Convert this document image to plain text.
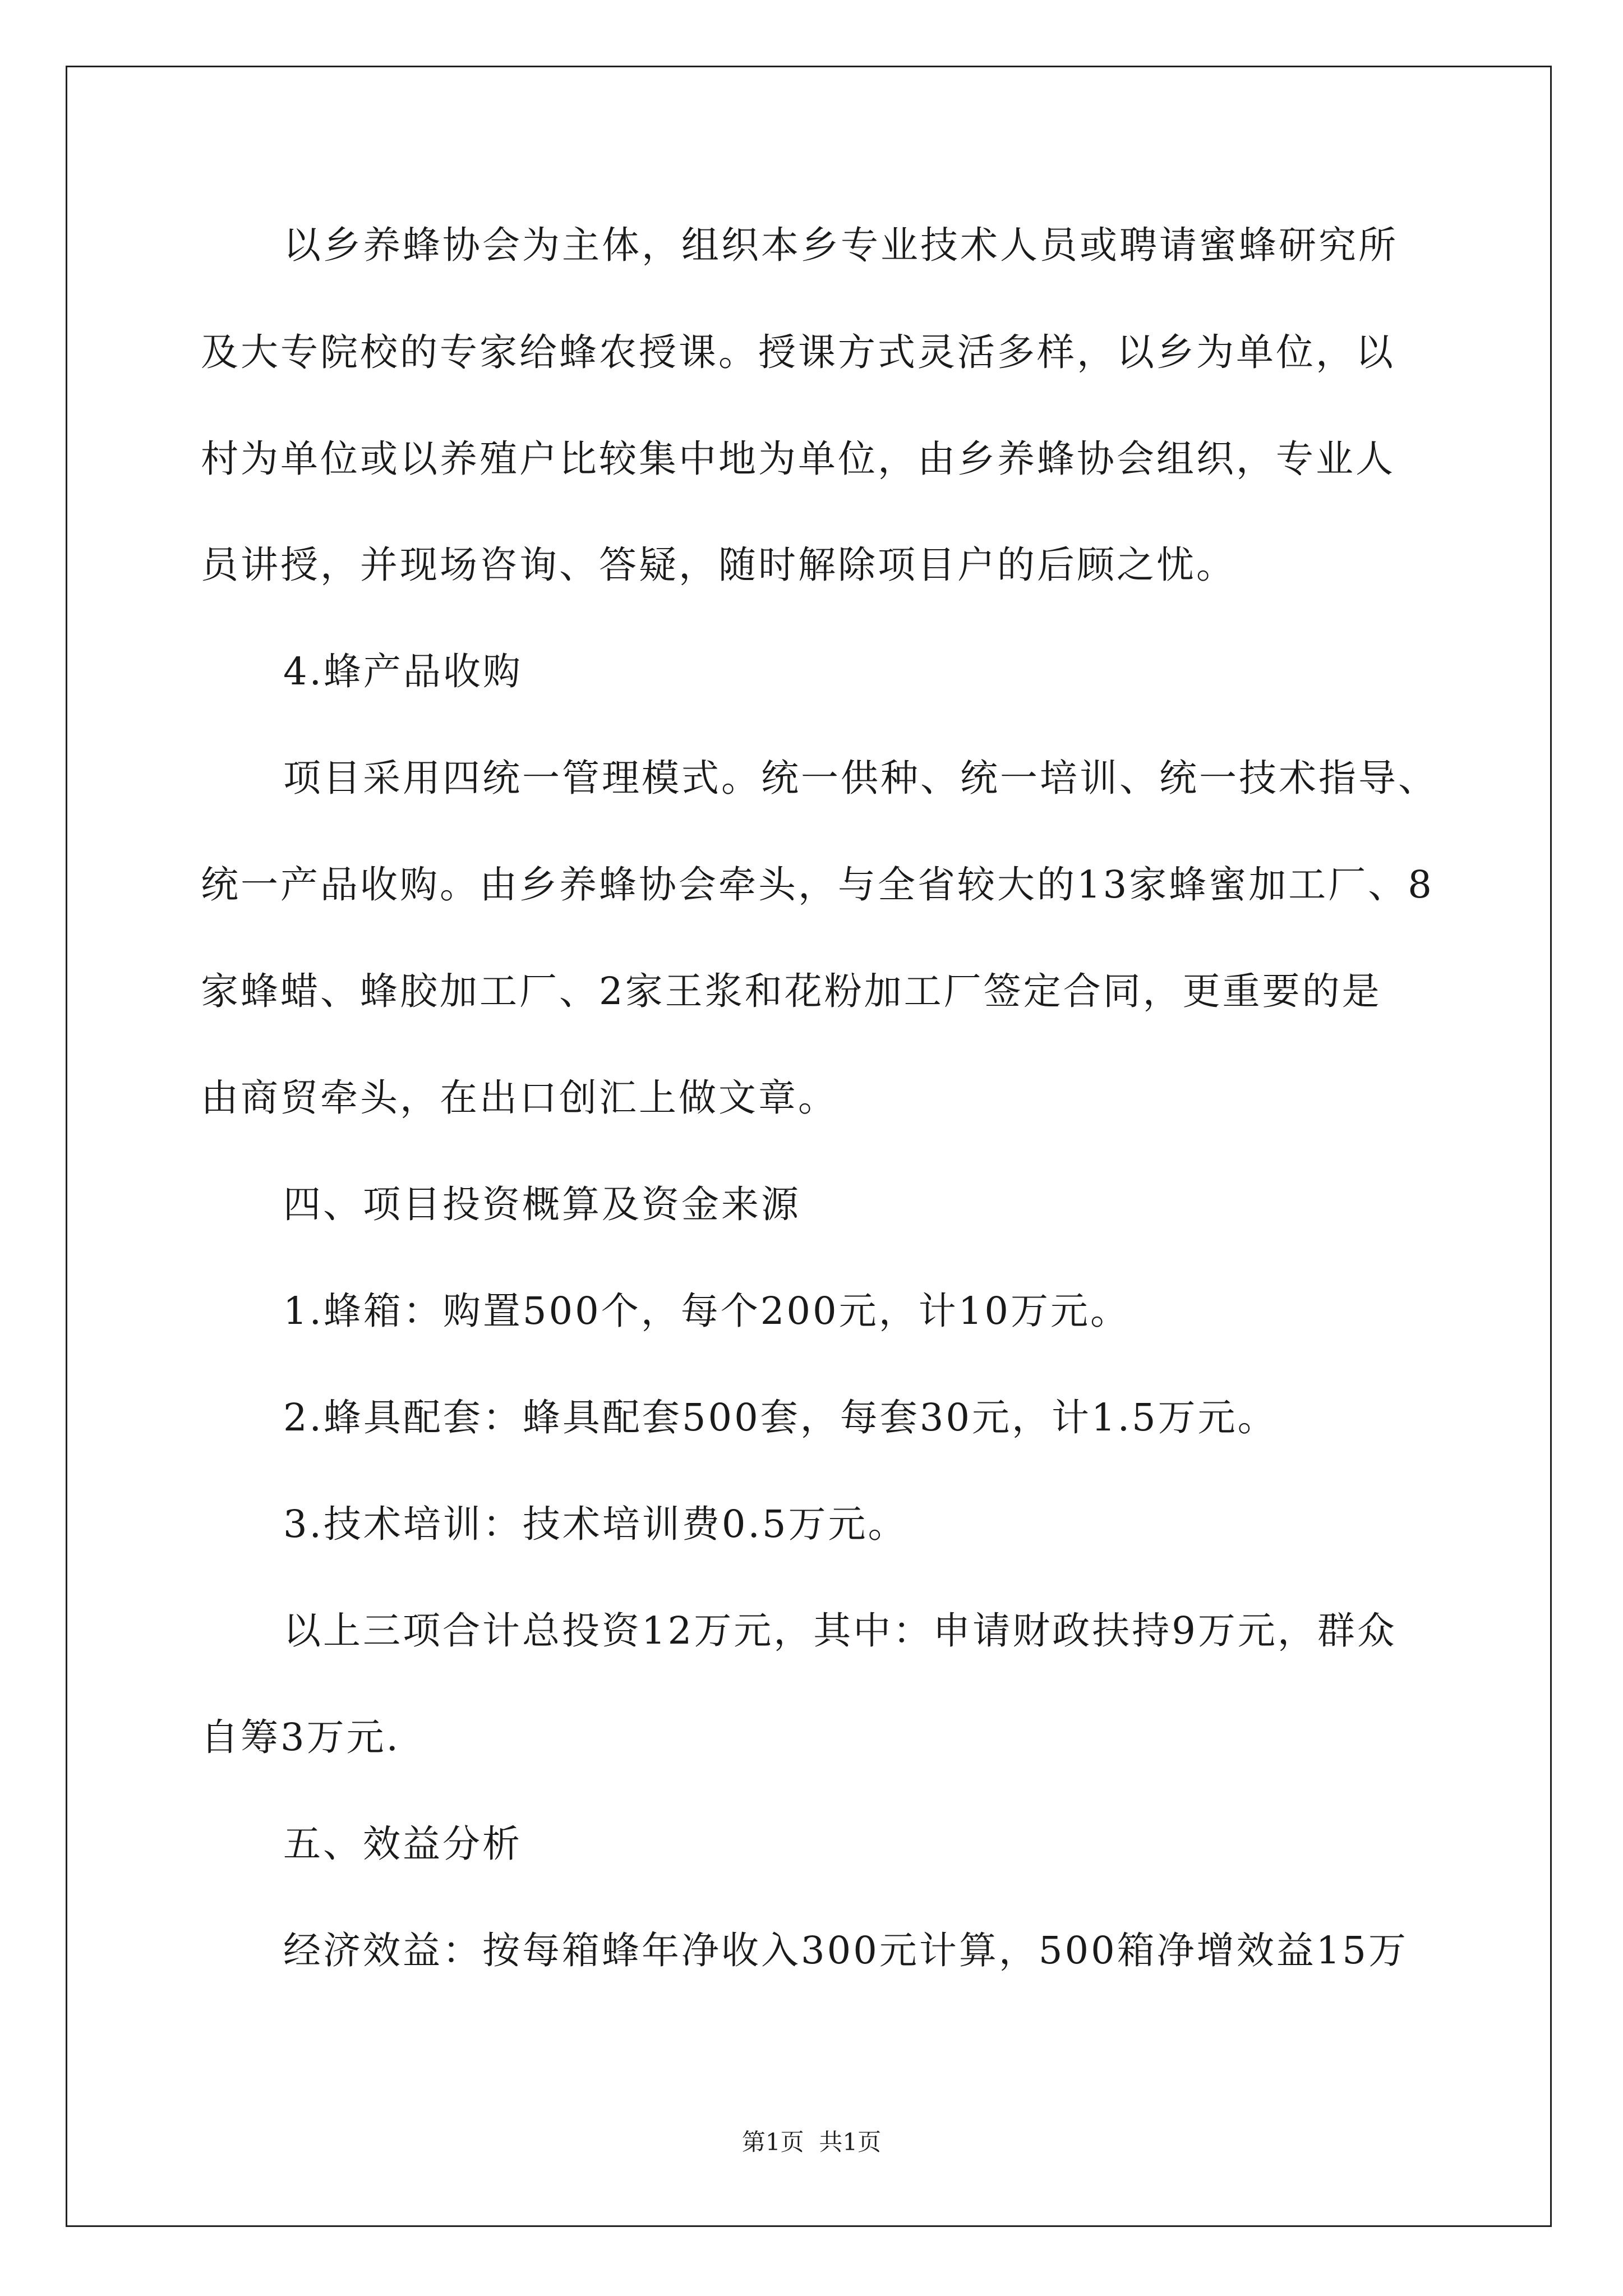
以乡养蜂协会为主体，组织本乡专业技术人员或聘请蜜蜂研究所

及大专院校的专家给蜂农授课。授课方式灵活多样，以乡为单位，以

村为单位或以养殖户比较集中地为单位，由乡养蜂协会组织，专业人

员讲授，并现场咨询、答疑，随时解除项目户的后顾之忧。

4.蜂产品收购

项目采用四统一管理模式。统一供种、统一培训、统一技术指导、

统一产品收购。由乡养蜂协会牵头，与全省较大的13家蜂蜜加工厂、8

家蜂蜡、蜂胶加工厂、2家王浆和花粉加工厂签定合同，更重要的是

由商贸牵头，在出口创汇上做文章。

四、项目投资概算及资金来源

1.蜂箱：购置500个，每个200元，计10万元。

2.蜂具配套：蜂具配套500套，每套30元，计1.5万元。

3.技术培训：技术培训费0.5万元。

以上三项合计总投资12万元，其中：申请财政扶持9万元，群众

自筹3万元.

五、效益分析

经济效益：按每箱蜂年净收入300元计算，500箱净增效益15万

第1页  共1页
